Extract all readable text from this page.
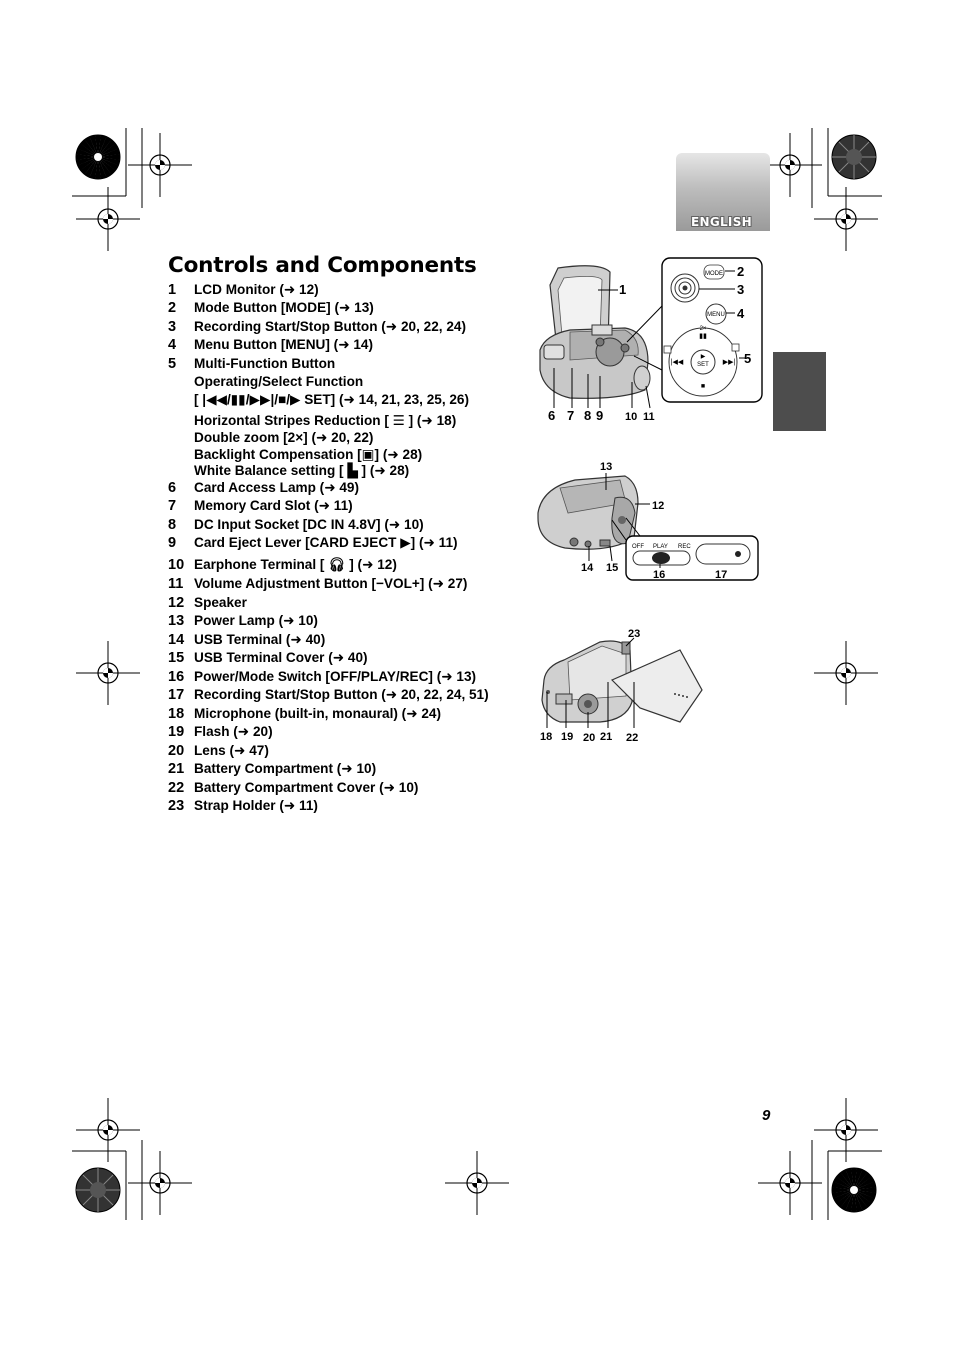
ENGLISH
Controls and Components
1 LCD Monitor (➜ 12)
2 Mode Button [MODE] (➜ 13)
3 Recording Start/Stop Button (➜ 20, 22, 24)
4 Menu Button [MENU] (➜ 14)
5 Multi-Function Button
Operating/Select Function
[ |◀◀/▮▮/▶▶|/■/▶ SET] (➜ 14, 21, 23, 25, 26)
Horizontal Stripes Reduction [ ☰ ] (➜ 18)
Double zoom [2×] (➜ 20, 22)
Backlight Compensation [▣] (➜ 28)
White Balance setting [ ▙ ] (➜ 28)
6 Card Access Lamp (➜ 49)
7 Memory Card Slot (➜ 11)
8 DC Input Socket [DC IN 4.8V] (➜ 10)
9 Card Eject Lever [CARD EJECT ▶] (➜ 11)
10 Earphone Terminal [ 🎧︎ ] (➜ 12)
11 Volume Adjustment Button [−VOL+] (➜ 27)
12 Speaker
13 Power Lamp (➜ 10)
14 USB Terminal (➜ 40)
15 USB Terminal Cover (➜ 40)
16 Power/Mode Switch [OFF/PLAY/REC] (➜ 13)
17 Recording Start/Stop Button (➜ 20, 22, 24, 51)
18 Microphone (built-in, monaural) (➜ 24)
19 Flash (➜ 20)
20 Lens (➜ 47)
21 Battery Compartment (➜ 10)
22 Battery Compartment Cover (➜ 10)
23 Strap Holder (➜ 11)
MODE
MENU
▶
SET
2×
▮▮
|◀◀	▶▶|
■
1
2
3
4
5
6 7 8 9 10 11
OFF PLAY REC
13
12
14 15
16	17
23
18 19 20 21 22
9
